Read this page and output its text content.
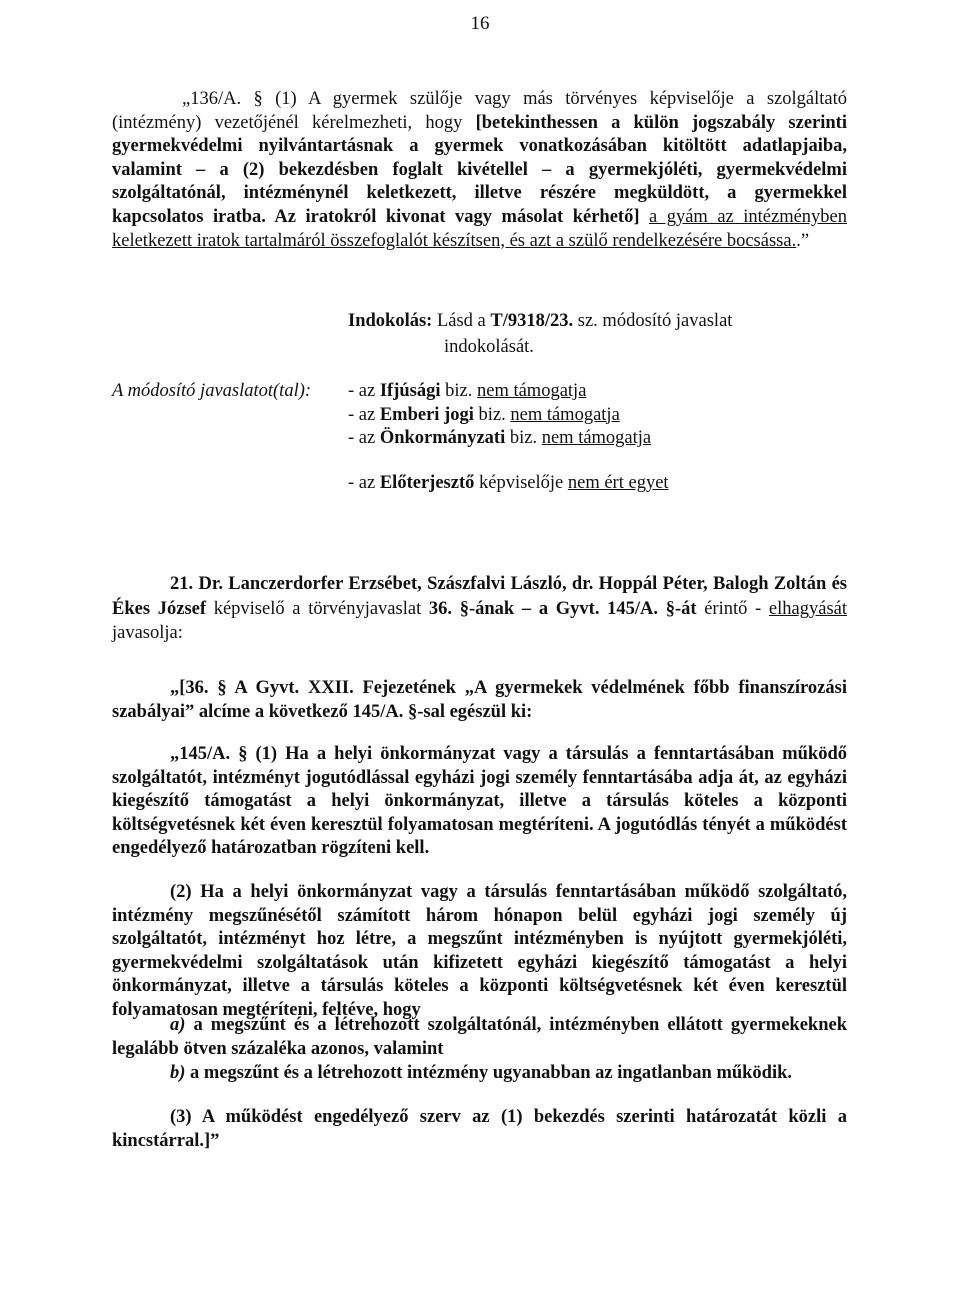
16

„136/A. § (1) A gyermek szülője vagy más törvényes képviselője a szolgáltató (intézmény) vezetőjénél kérelmezheti, hogy [betekinthessen a külön jogszabály szerinti gyermekvédelmi nyilvántartásnak a gyermek vonatkozásában kitöltött adatlapjaiba, valamint – a (2) bekezdésben foglalt kivétellel – a gyermekjóléti, gyermekvédelmi szolgáltatónál, intézménynél keletkezett, illetve részére megküldött, a gyermekkel kapcsolatos iratba. Az iratokról kivonat vagy másolat kérhető] a gyám az intézményben keletkezett iratok tartalmáról összefoglalót készítsen, és azt a szülő rendelkezésére bocsássa..”

Indokolás: Lásd a T/9318/23. sz. módosító javaslat
indokolását.
A módosító javaslatot(tal): - az Ifjúsági biz. nem támogatja
- az Emberi jogi biz. nem támogatja
- az Önkormányzati biz. nem támogatja
- az Előterjesztő képviselője nem ért egyet

21. Dr. Lanczerdorfer Erzsébet, Szászfalvi László, dr. Hoppál Péter, Balogh Zoltán és Ékes József képviselő a törvényjavaslat 36. §-ának – a Gyvt. 145/A. §-át érintő - elhagyását javasolja:

„[36. § A Gyvt. XXII. Fejezetének „A gyermekek védelmének főbb finanszírozási szabályai” alcíme a következő 145/A. §-sal egészül ki:

„145/A. § (1) Ha a helyi önkormányzat vagy a társulás a fenntartásában működő szolgáltatót, intézményt jogutódlással egyházi jogi személy fenntartásába adja át, az egyházi kiegészítő támogatást a helyi önkormányzat, illetve a társulás köteles a központi költségvetésnek két éven keresztül folyamatosan megtéríteni. A jogutódlás tényét a működést engedélyező határozatban rögzíteni kell.

(2) Ha a helyi önkormányzat vagy a társulás fenntartásában működő szolgáltató, intézmény megszűnésétől számított három hónapon belül egyházi jogi személy új szolgáltatót, intézményt hoz létre, a megszűnt intézményben is nyújtott gyermekjóléti, gyermekvédelmi szolgáltatások után kifizetett egyházi kiegészítő támogatást a helyi önkormányzat, illetve a társulás köteles a központi költségvetésnek két éven keresztül folyamatosan megtéríteni, feltéve, hogy

a) a megszűnt és a létrehozott szolgáltatónál, intézményben ellátott gyermekeknek legalább ötven százaléka azonos, valamint

b) a megszűnt és a létrehozott intézmény ugyanabban az ingatlanban működik.

(3) A működést engedélyező szerv az (1) bekezdés szerinti határozatát közli a kincstárral.]”
